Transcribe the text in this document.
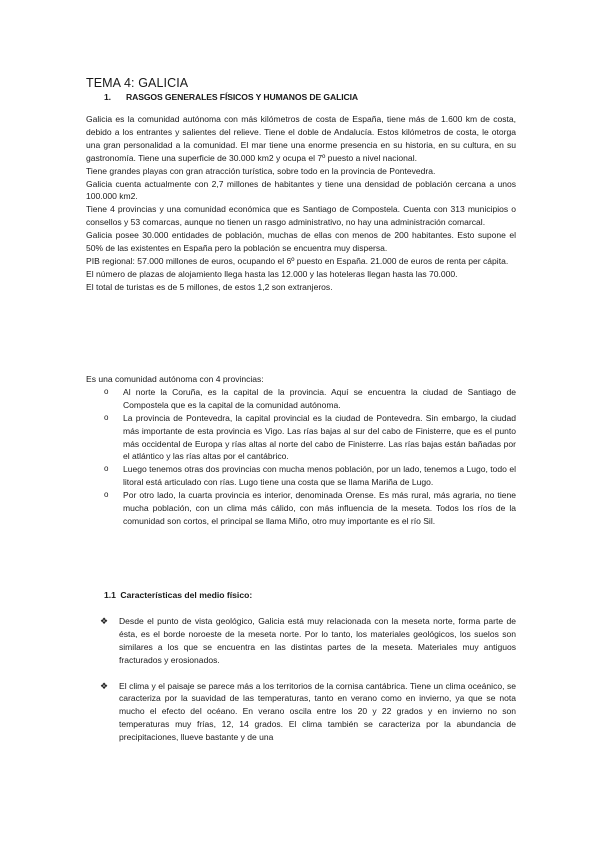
TEMA 4: GALICIA
1. RASGOS GENERALES FÍSICOS Y HUMANOS DE GALICIA

Galicia es la comunidad autónoma con más kilómetros de costa de España, tiene más de 1.600 km de costa, debido a los entrantes y salientes del relieve. Tiene el doble de Andalucía. Estos kilómetros de costa, le otorga una gran personalidad a la comunidad. El mar tiene una enorme presencia en su historia, en su cultura, en su gastronomía. Tiene una superficie de 30.000 km2 y ocupa el 7º puesto a nivel nacional.

Tiene grandes playas con gran atracción turística, sobre todo en la provincia de Pontevedra.

Galicia cuenta actualmente con 2,7 millones de habitantes y tiene una densidad de población cercana a unos 100.000 km2.

Tiene 4 provincias y una comunidad económica que es Santiago de Compostela. Cuenta con 313 municipios o consellos y 53 comarcas, aunque no tienen un rasgo administrativo, no hay una administración comarcal.

Galicia posee 30.000 entidades de población, muchas de ellas con menos de 200 habitantes. Esto supone el 50% de las existentes en España pero la población se encuentra muy dispersa.

PIB regional: 57.000 millones de euros, ocupando el 6º puesto en España. 21.000 de euros de renta per cápita.

El número de plazas de alojamiento llega hasta las 12.000 y las hoteleras llegan hasta las 70.000.

El total de turistas es de 5 millones, de estos 1,2 son extranjeros.

Es una comunidad autónoma con 4 provincias:

o Al norte la Coruña, es la capital de la provincia. Aquí se encuentra la ciudad de Santiago de Compostela que es la capital de la comunidad autónoma.
o La provincia de Pontevedra, la capital provincial es la ciudad de Pontevedra. Sin embargo, la ciudad más importante de esta provincia es Vigo. Las rías bajas al sur del cabo de Finisterre, que es el punto más occidental de Europa y rías altas al norte del cabo de Finisterre. Las rías bajas están bañadas por el atlántico y las rías altas por el cantábrico.
o Luego tenemos otras dos provincias con mucha menos población, por un lado, tenemos a Lugo, todo el litoral está articulado con rías. Lugo tiene una costa que se llama Mariña de Lugo.
o Por otro lado, la cuarta provincia es interior, denominada Orense. Es más rural, más agraria, no tiene mucha población, con un clima más cálido, con más influencia de la meseta. Todos los ríos de la comunidad son cortos, el principal se llama Miño, otro muy importante es el río Sil.
1.1 Características del medio físico:
❖ Desde el punto de vista geológico, Galicia está muy relacionada con la meseta norte, forma parte de ésta, es el borde noroeste de la meseta norte. Por lo tanto, los materiales geológicos, los suelos son similares a los que se encuentra en las distintas partes de la meseta. Materiales muy antiguos fracturados y erosionados.
❖ El clima y el paisaje se parece más a los territorios de la cornisa cantábrica. Tiene un clima oceánico, se caracteriza por la suavidad de las temperaturas, tanto en verano como en invierno, ya que se nota mucho el efecto del océano. En verano oscila entre los 20 y 22 grados y en invierno no son temperaturas muy frías, 12, 14 grados. El clima también se caracteriza por la abundancia de precipitaciones, llueve bastante y de una
